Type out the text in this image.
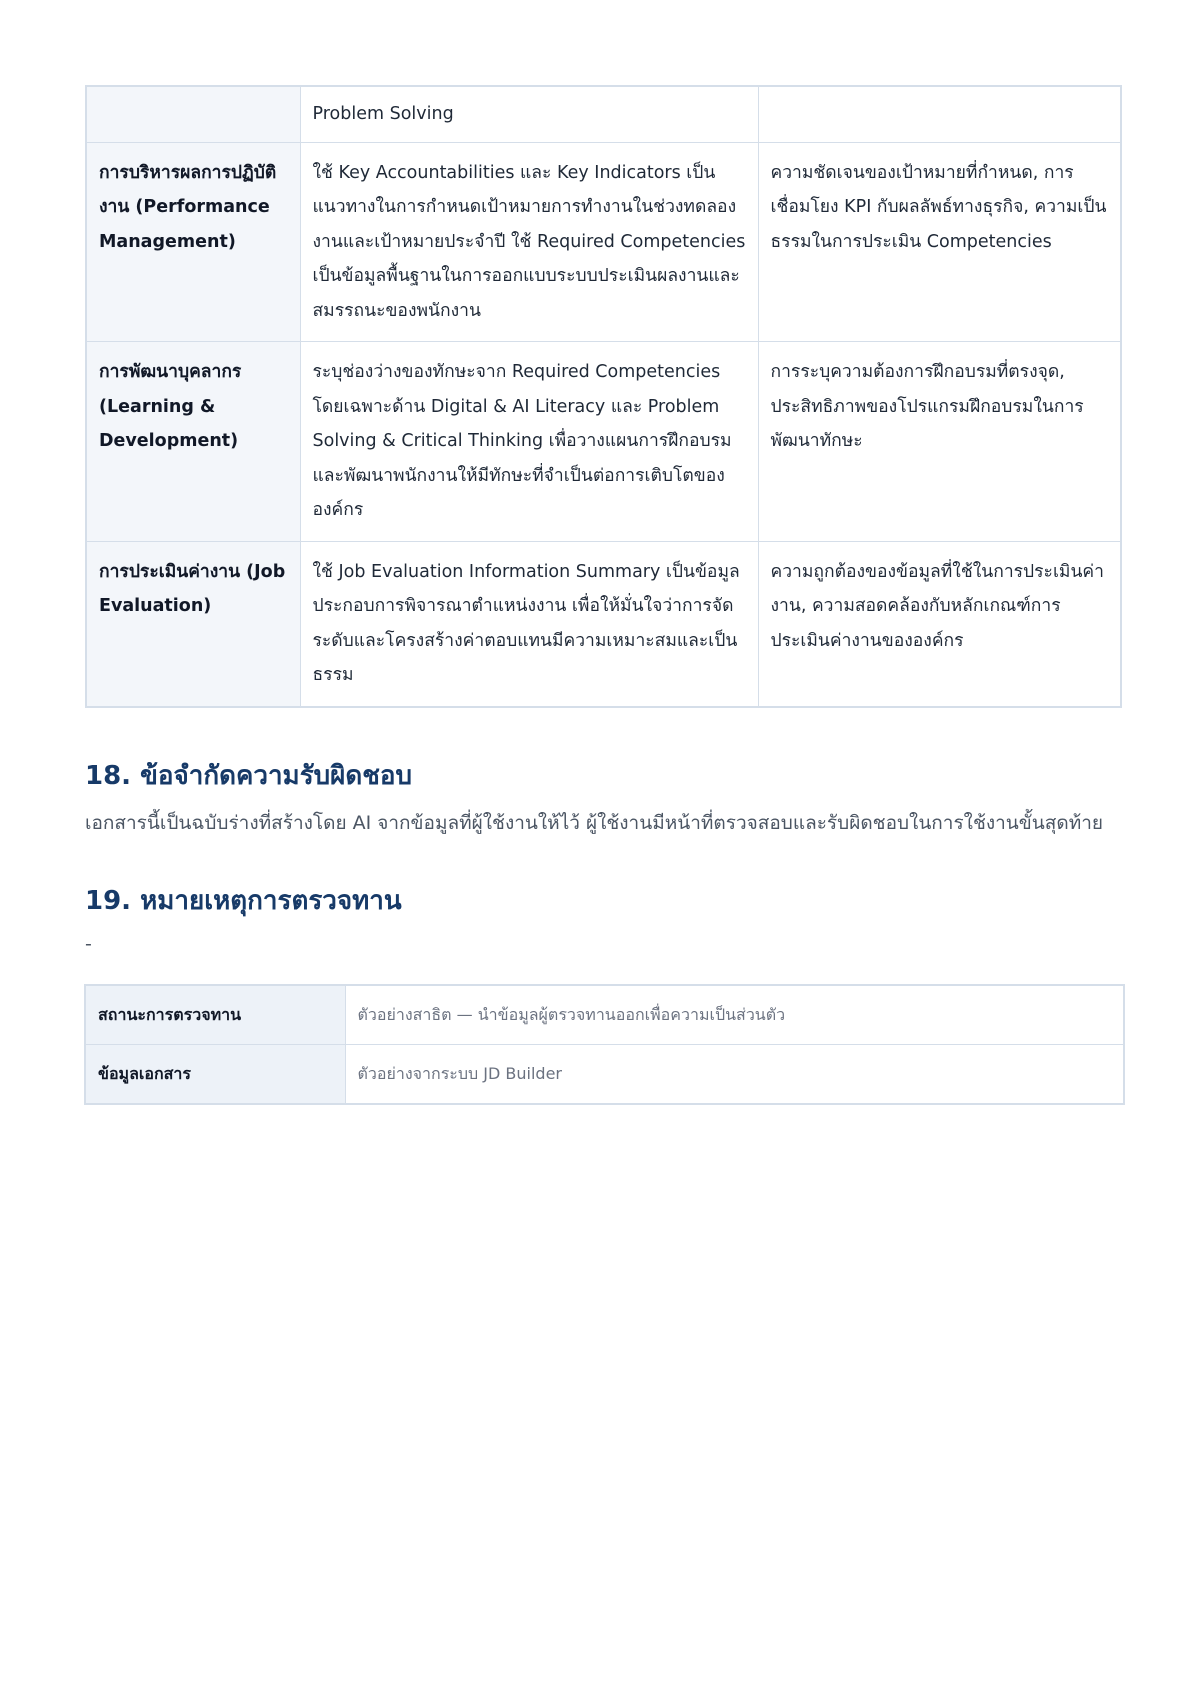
	Problem Solving	
การบริหารผลการปฏิบัติงาน (Performance Management)	ใช้ Key Accountabilities และ Key Indicators เป็นแนวทางในการกำหนดเป้าหมายการทำงานในช่วงทดลองงานและเป้าหมายประจำปี ใช้ Required Competencies เป็นข้อมูลพื้นฐานในการออกแบบระบบประเมินผลงานและสมรรถนะของพนักงาน	ความชัดเจนของเป้าหมายที่กำหนด, การเชื่อมโยง KPI กับผลลัพธ์ทางธุรกิจ, ความเป็นธรรมในการประเมิน Competencies
การพัฒนาบุคลากร (Learning & Development)	ระบุช่องว่างของทักษะจาก Required Competencies โดยเฉพาะด้าน Digital & AI Literacy และ Problem Solving & Critical Thinking เพื่อวางแผนการฝึกอบรมและพัฒนาพนักงานให้มีทักษะที่จำเป็นต่อการเติบโตขององค์กร	การระบุความต้องการฝึกอบรมที่ตรงจุด, ประสิทธิภาพของโปรแกรมฝึกอบรมในการพัฒนาทักษะ
การประเมินค่างาน (Job Evaluation)	ใช้ Job Evaluation Information Summary เป็นข้อมูลประกอบการพิจารณาตำแหน่งงาน เพื่อให้มั่นใจว่าการจัดระดับและโครงสร้างค่าตอบแทนมีความเหมาะสมและเป็นธรรม	ความถูกต้องของข้อมูลที่ใช้ในการประเมินค่างาน, ความสอดคล้องกับหลักเกณฑ์การประเมินค่างานขององค์กร
18. ข้อจำกัดความรับผิดชอบ

เอกสารนี้เป็นฉบับร่างที่สร้างโดย AI จากข้อมูลที่ผู้ใช้งานให้ไว้ ผู้ใช้งานมีหน้าที่ตรวจสอบและรับผิดชอบในการใช้งานขั้นสุดท้าย

19. หมายเหตุการตรวจทาน

-

สถานะการตรวจทาน	ตัวอย่างสาธิต — นำข้อมูลผู้ตรวจทานออกเพื่อความเป็นส่วนตัว
ข้อมูลเอกสาร	ตัวอย่างจากระบบ JD Builder
